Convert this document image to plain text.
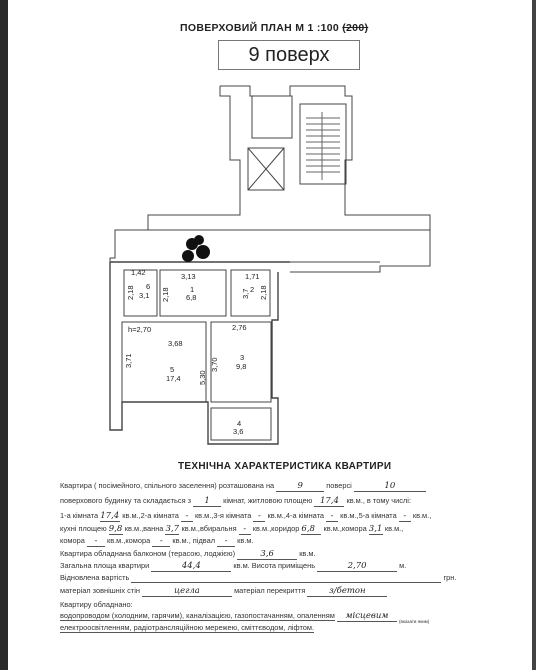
ПОВЕРХОВИЙ ПЛАН М 1 :100 (200)
9 поверх
1,42
6
3,1
2,18
3,13
1
6,8
2,18
1,71
2
3,7 2,18
h=2,70
3,68
5
17,4
3,71
5,30
2,76
3
9,8
3,70
4
3,6
ТЕХНІЧНА ХАРАКТЕРИСТИКА КВАРТИРИ
Квартира ( посімейного, спільного заселення) розташована на	9	поверсі	10
поверхового будинку та складається з 1 кімнат, житловою площею 17,4 кв.м., в тому числі:
1-а кімната 17,4 кв.м.,2-а кімната - кв.м.,3-я кімната - кв.м.,4-а кімната - кв.м.,5-а кімната - кв.м.,
кухні площею 9,8 кв.м.,ванна 3,7 кв.м.,вбиральня - кв.м.,коридор 6,8 кв.м.,комора 3,1 кв.м.,
комора - кв.м.,комора - кв.м., підвал - кв.м.
Квартира обладнана балконом (терасою, лоджією)	3,6	кв.м.
Загальна площа квартири	44,4	кв.м. Висота приміщень	2,70	м.
Відновлена вартість	грн.
матеріал зовнішніх стін	цегла	матеріал перекриття	з/бетон
Квартиру обладнано:
водопроводом (холодним, гарячим), каналізацією, газопостачанням, опаленням місцевим $_{(вказати яким)}$
електроосвітленням, радіотрансляційною мережею, сміттєводом, ліфтом.
